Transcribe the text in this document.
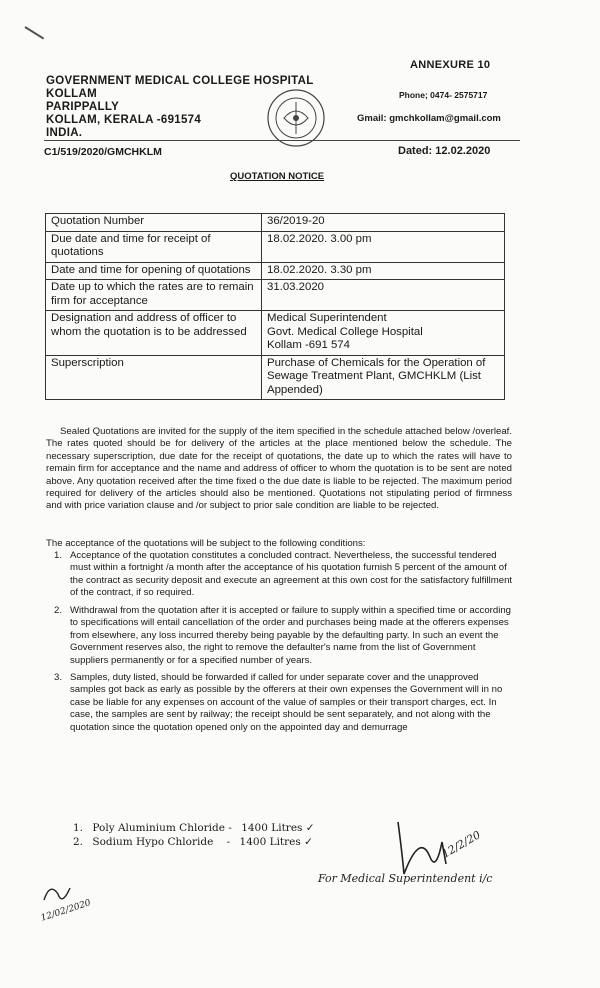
ANNEXURE 10
GOVERNMENT MEDICAL COLLEGE HOSPITAL
KOLLAM
PARIPPALLY
KOLLAM, KERALA -691574
INDIA.
Phone; 0474- 2575717
Gmail: gmchkollam@gmail.com
C1/519/2020/GMCHKLM	Dated: 12.02.2020
QUOTATION NOTICE
Quotation Number	36/2019-20
Due date and time for receipt of quotations	18.02.2020. 3.00 pm
Date and time for opening of quotations	18.02.2020. 3.30 pm
Date up to which the rates are to remain firm for acceptance	31.03.2020
Designation and address of officer to whom the quotation is to be addressed	Medical Superintendent
Govt. Medical College Hospital
Kollam -691 574

Superscription	Purchase of Chemicals for the Operation of Sewage Treatment Plant, GMCHKLM (List Appended)
Sealed Quotations are invited for the supply of the item specified in the schedule attached below /overleaf. The rates quoted should be for delivery of the articles at the place mentioned below the schedule. The necessary superscription, due date for the receipt of quotations, the date up to which the rates will have to remain firm for acceptance and the name and address of officer to whom the quotation is to be sent are noted above. Any quotation received after the time fixed o the due date is liable to be rejected. The maximum period required for delivery of the articles should also be mentioned. Quotations not stipulating period of firmness and with price variation clause and /or subject to prior sale condition are liable to be rejected.
The acceptance of the quotations will be subject to the following conditions:
1. Acceptance of the quotation constitutes a concluded contract. Nevertheless, the successful tendered must within a fortnight /a month after the acceptance of his quotation furnish 5 percent of the amount of the contract as security deposit and execute an agreement at this own cost for the satisfactory fulfillment of the contract, if so required.
2. Withdrawal from the quotation after it is accepted or failure to supply within a specified time or according to specifications will entail cancellation of the order and purchases being made at the offerers expenses from elsewhere, any loss incurred thereby being payable by the defaulting party. In such an event the Government reserves also, the right to remove the defaulter's name from the list of Government suppliers permanently or for a specified number of years.
3. Samples, duty listed, should be forwarded if called for under separate cover and the unapproved samples got back as early as possible by the offerers at their own expenses the Government will in no case be liable for any expenses on account of the value of samples or their transport charges, ect. In case, the samples are sent by railway; the receipt should be sent separately, and not along with the quotation since the quotation opened only on the appointed day and demurrage
1. Poly Aluminium Chloride - 1400 Litres ✓
2. Sodium Hypo Chloride    - 1400 Litres ✓	12/2/20
For Medical Superintendent i/c
12/02/2020
